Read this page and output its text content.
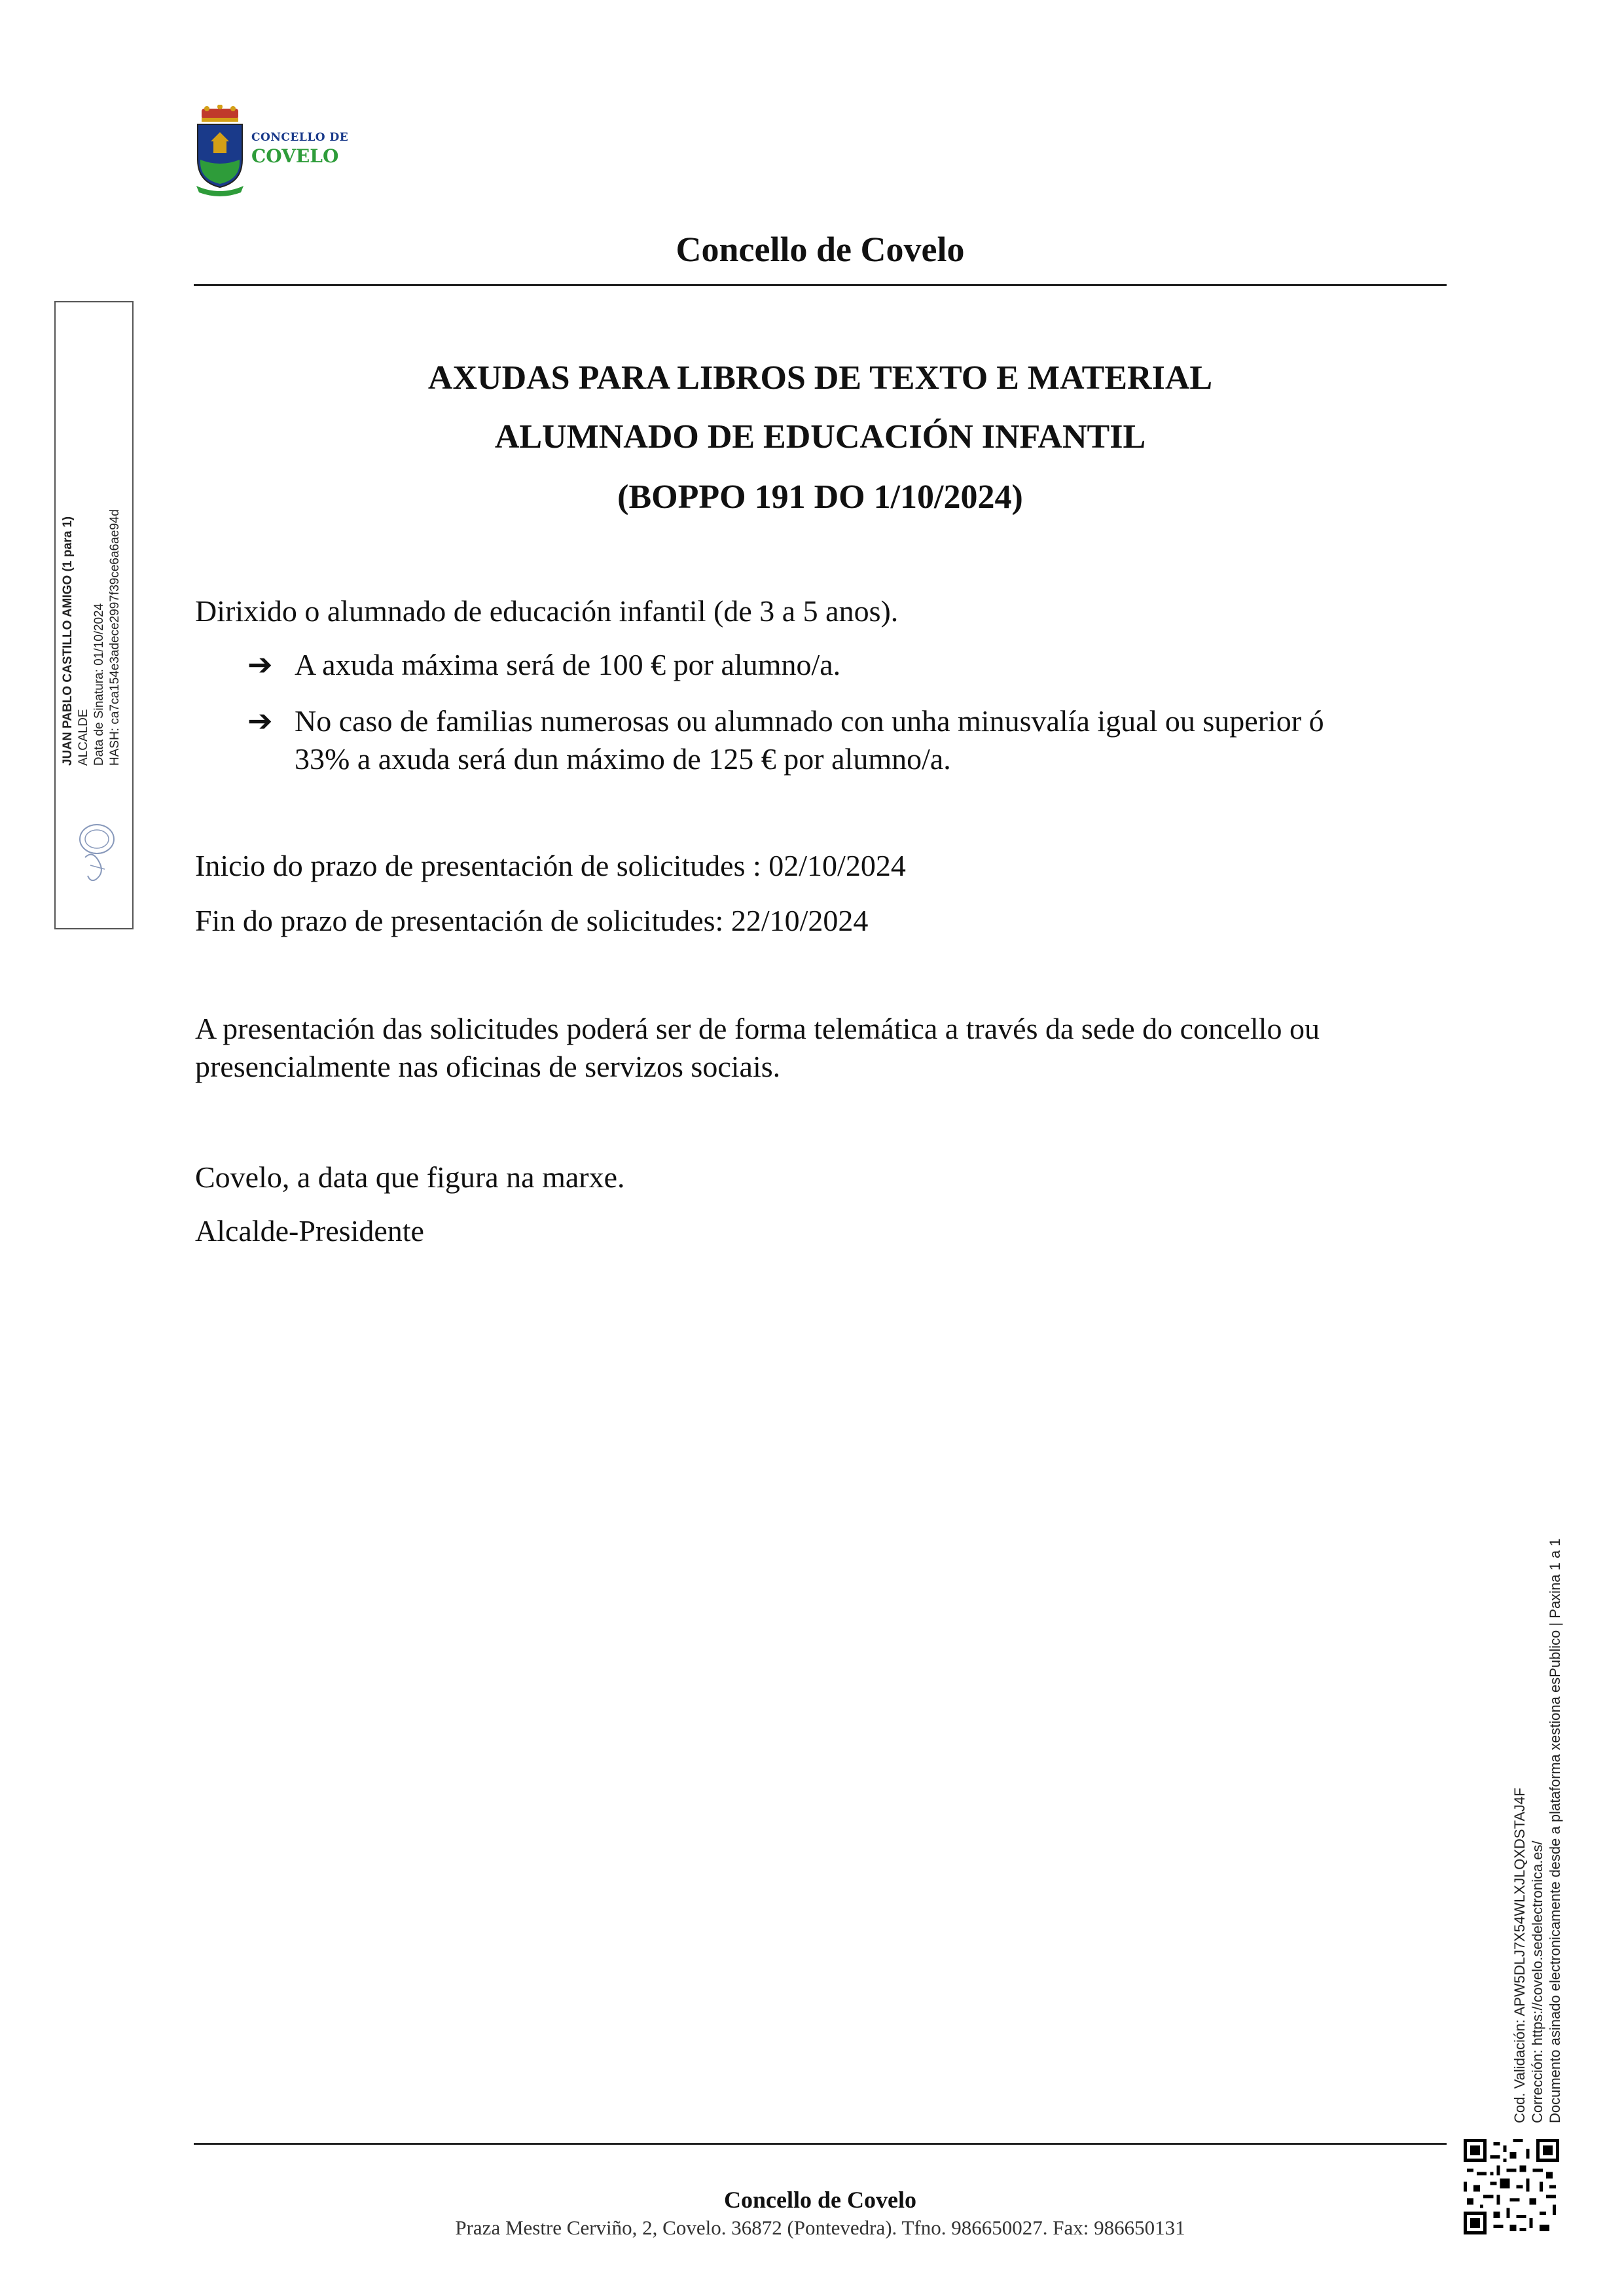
CONCELLO DE
COVELO
Concello de Covelo
AXUDAS PARA LIBROS DE TEXTO E MATERIAL
ALUMNADO DE EDUCACIÓN INFANTIL
(BOPPO 191 DO 1/10/2024)
Dirixido o alumnado de educación infantil (de 3 a 5 anos).
➔ A axuda máxima será de 100 € por alumno/a.
➔ No caso de familias numerosas ou alumnado con unha minusvalía igual ou superior ó
33% a axuda será dun máximo de 125 € por alumno/a.
Inicio do prazo de presentación de solicitudes : 02/10/2024
Fin do prazo de presentación de solicitudes: 22/10/2024
A presentación das solicitudes poderá ser de forma telemática a través da sede do concello ou
presencialmente nas oficinas de servizos sociais.
Covelo, a data que figura na marxe.
Alcalde-Presidente
JUAN PABLO CASTILLO AMIGO (1 para 1) ALCALDE Data de Sinatura: 01/10/2024 HASH: ca7ca154e3adece2997f39ce6a6ae94d
Cod. Validación: APW5DLJ7X54WLXJLQXDSTAJ4F Corrección: https://covelo.sedelectronica.es/ Documento asinado electronicamente desde a plataforma xestiona esPublico | Paxina 1 a 1
Concello de Covelo
Praza Mestre Cerviño, 2, Covelo. 36872 (Pontevedra). Tfno. 986650027. Fax: 986650131
